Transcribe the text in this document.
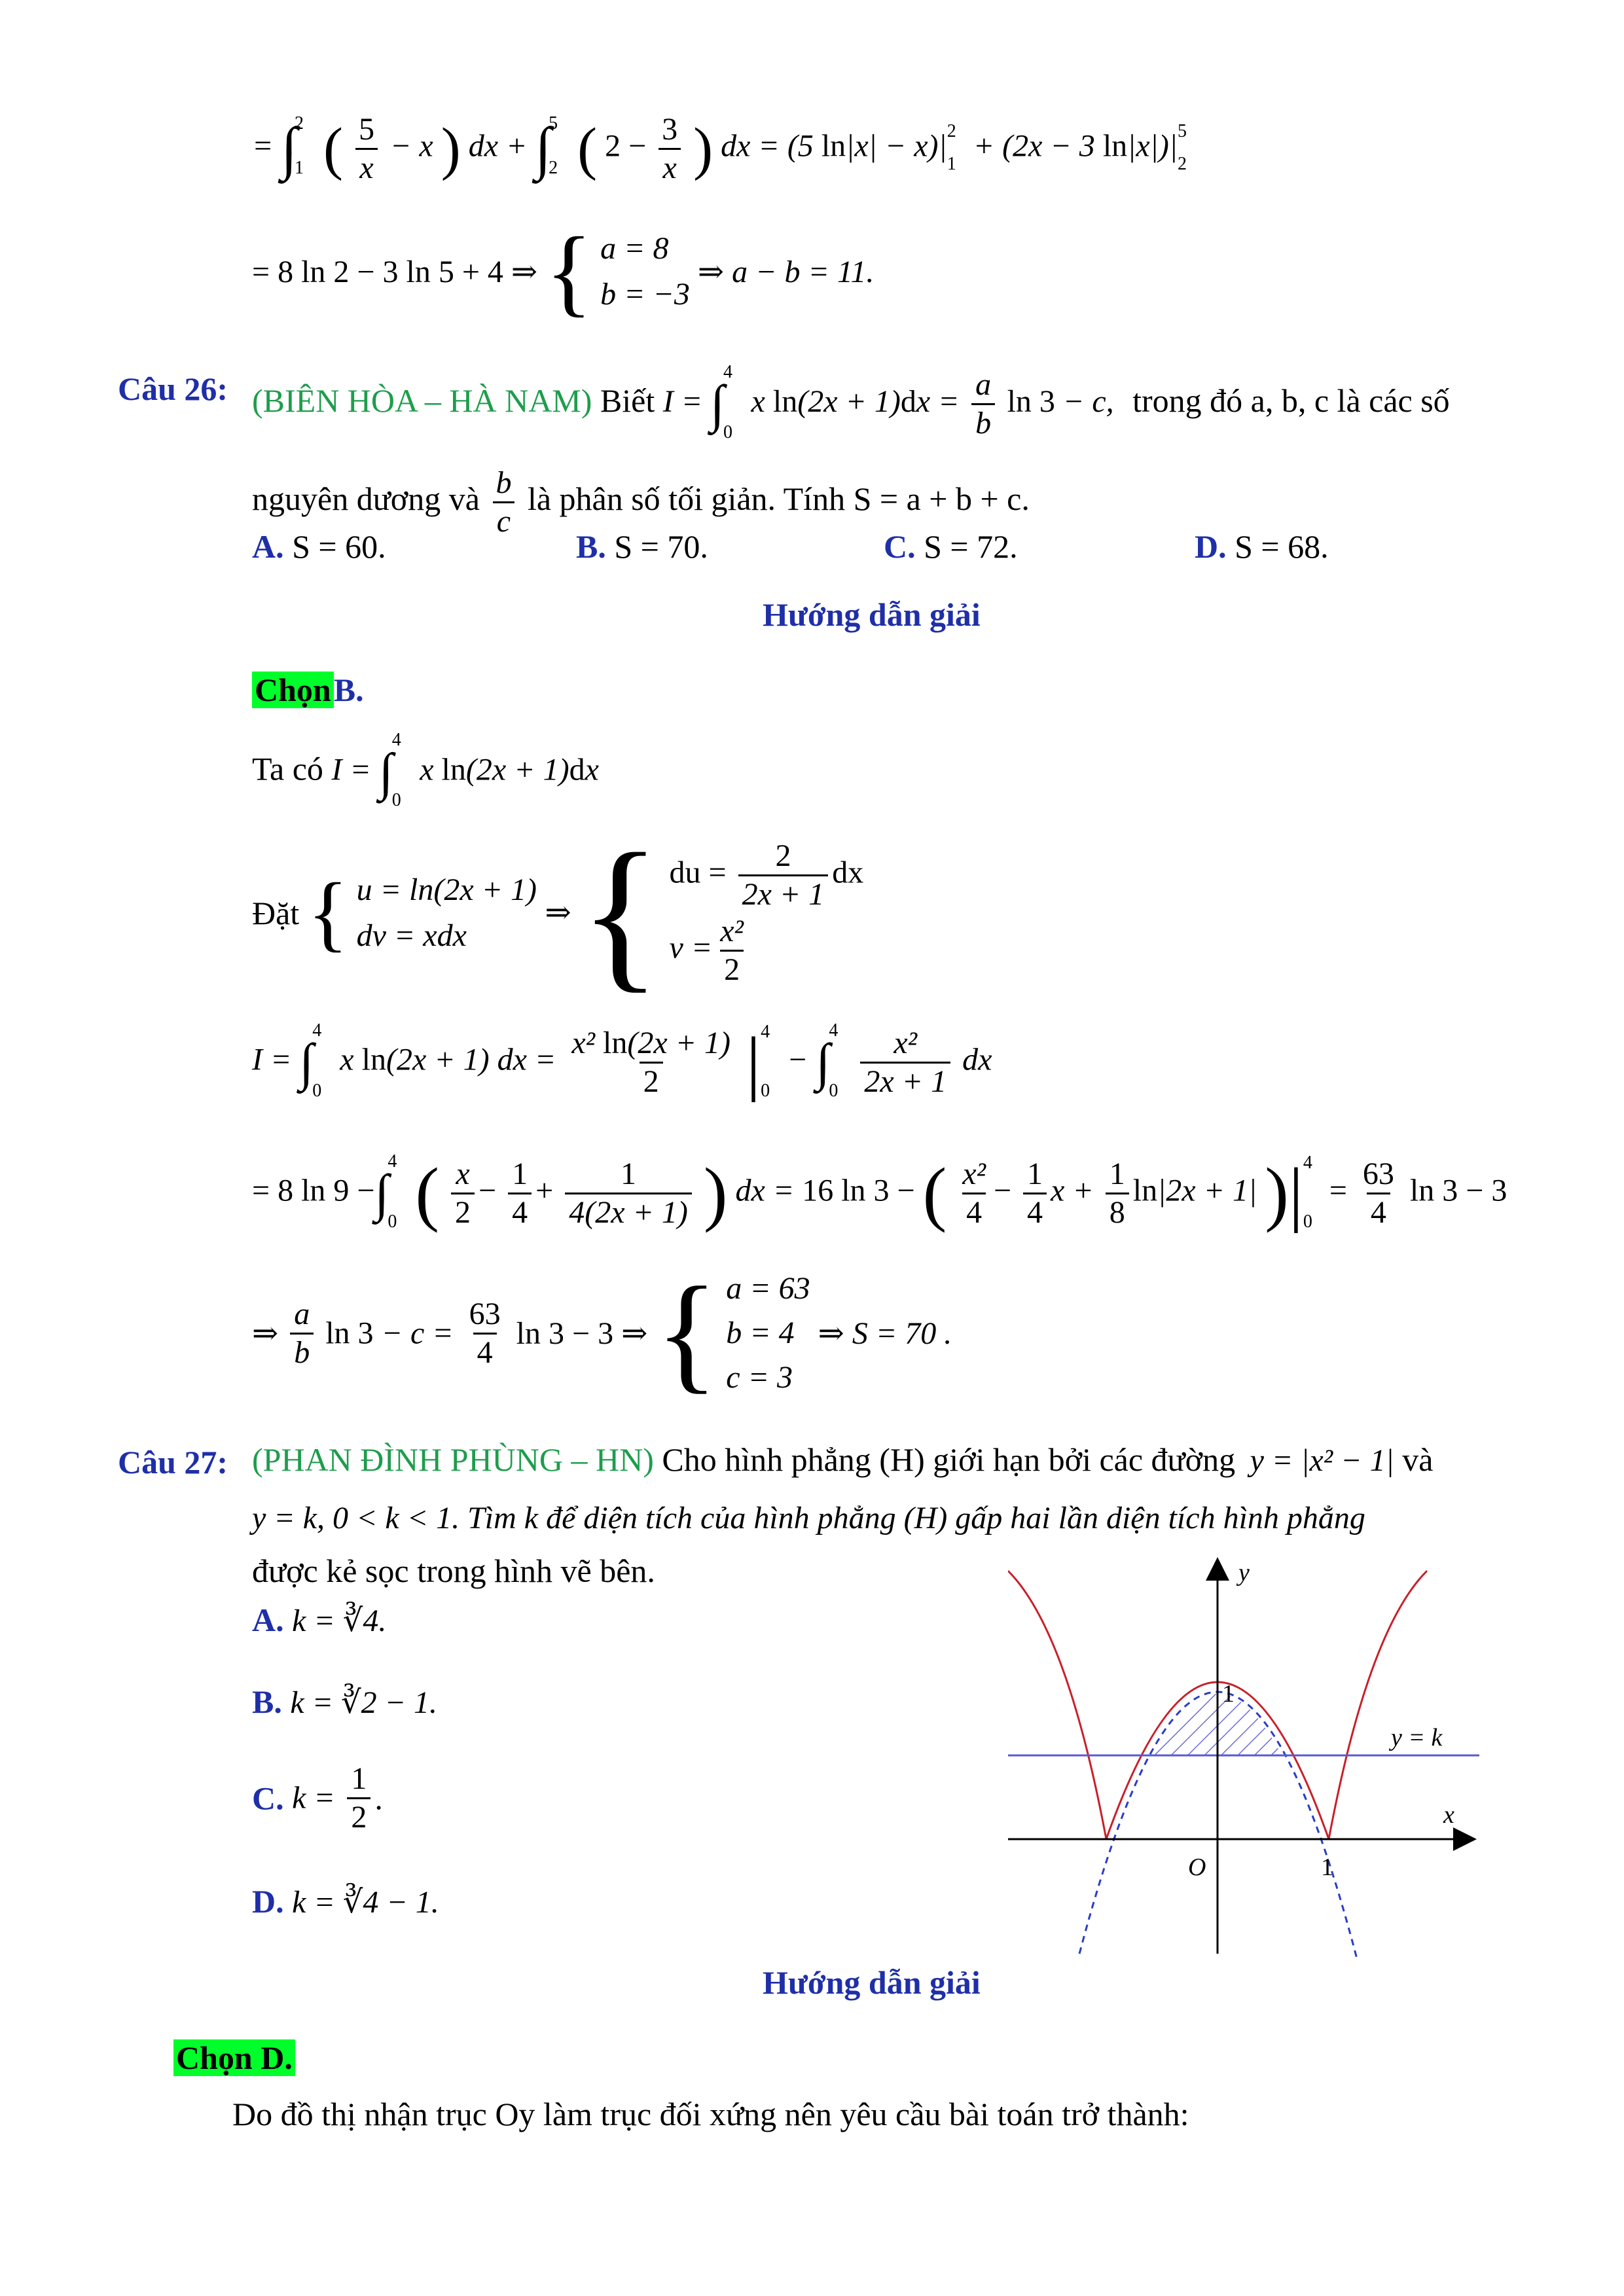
= ∫21 ( $\frac{5}{x} - x$ ) dx + ∫52 ( $2 - \frac{3}{x}$ ) dx = (5 ln|x| − x)|21 + (2x − 3 ln|x|)|52
= 8 ln 2 − 3 ln 5 + 4 ⇒ { a = 8
b = −3
⇒ a − b = 11.
Câu 26: (BIÊN HÒA – HÀ NAM) Biết I = ∫40 x $\ln(2x + 1)dx = \frac{a}{b}$ ln 3 − c, trong đó a, b, c là các số
nguyên dương và $\frac{b}{c}$ là phân số tối giản. Tính S = a + b + c.
A. S = 60.	B. S = 70.	C. S = 72.	D. S = 68.
Hướng dẫn giải
ChọnB.
Ta có I = ∫40 x ln(2x + 1)dx
Đặt { u = ln(2x + 1)
dv = xdx
⇒ { du = $\frac{2}{2x + 1}$ dx
$v = \frac{\text{x²}}{2}$
I = ∫40 x ln(2x + 1) dx = $\frac{\text{x² ln(2x + 1)}}{2} |40 - \int 40 \frac{\text{x²}}{2x + 1}$ dx
= 8 ln 9 −∫40 ( $\frac{x}{2} - \frac{1}{4} + \frac{1}{4(2x + 1)}$ ) dx = 16 ln 3 − ( $\frac{\text{x²}}{4} - \frac{1}{4}$ $x + \frac{1}{8} \ln|2x + 1|$ )$|40 = \frac{63}{4}$ ln 3 − 3
⇒ $\frac{a}{b}$ $\ln 3 - c = \frac{63}{4}$ ln 3 − 3 ⇒ { a = 63
b = 4
c = 3
⇒ S = 70 .
Câu 27: (PHAN ĐÌNH PHÙNG – HN) Cho hình phẳng (H) giới hạn bởi các đường y = |x² − 1| và
y = k, 0 < k < 1. Tìm k để diện tích của hình phẳng (H) gấp hai lần diện tích hình phẳng
được kẻ sọc trong hình vẽ bên.
A. k = ∛4.
B. k = ∛2 − 1.
C. $k = \frac{1}{2}$ .
D. k = ∛4 − 1.
y
x
O	1
1
y = k
Hướng dẫn giải
Chọn D.
Do đồ thị nhận trục Oy làm trục đối xứng nên yêu cầu bài toán trở thành:
